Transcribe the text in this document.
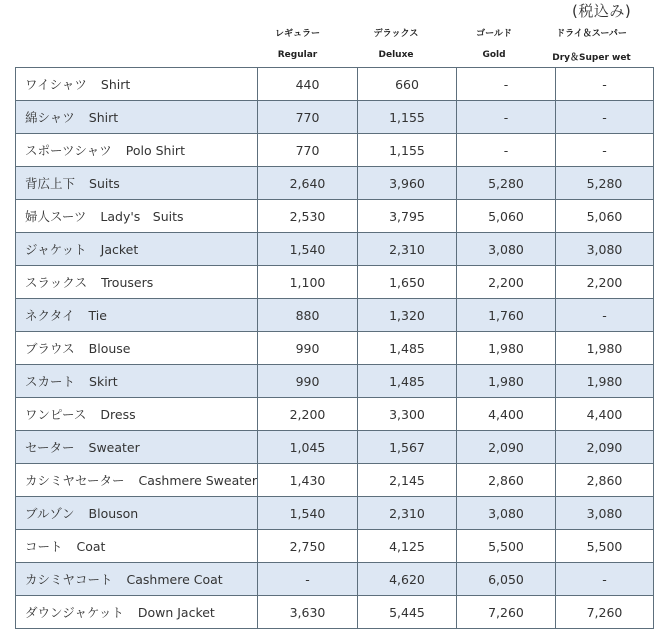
(税込み)
レギュラー	デラックス	ゴールド	ドライ＆スーパー
Regular	Deluxe	Gold	Dry＆Super wet
ワイシャツ Shirt	440	660	-	-
綿シャツ Shirt	770	1,155	-	-
スポーツシャツ Polo Shirt	770	1,155	-	-
背広上下 Suits	2,640	3,960	5,280	5,280
婦人スーツ Lady's　Suits	2,530	3,795	5,060	5,060
ジャケット Jacket	1,540	2,310	3,080	3,080
スラックス Trousers	1,100	1,650	2,200	2,200
ネクタイ Tie	880	1,320	1,760	-
ブラウス Blouse	990	1,485	1,980	1,980
スカート Skirt	990	1,485	1,980	1,980
ワンピース Dress	2,200	3,300	4,400	4,400
セーター Sweater	1,045	1,567	2,090	2,090
カシミヤセーター Cashmere Sweater	1,430	2,145	2,860	2,860
ブルゾン Blouson	1,540	2,310	3,080	3,080
コート Coat	2,750	4,125	5,500	5,500
カシミヤコート Cashmere Coat	-	4,620	6,050	-
ダウンジャケット Down Jacket	3,630	5,445	7,260	7,260
